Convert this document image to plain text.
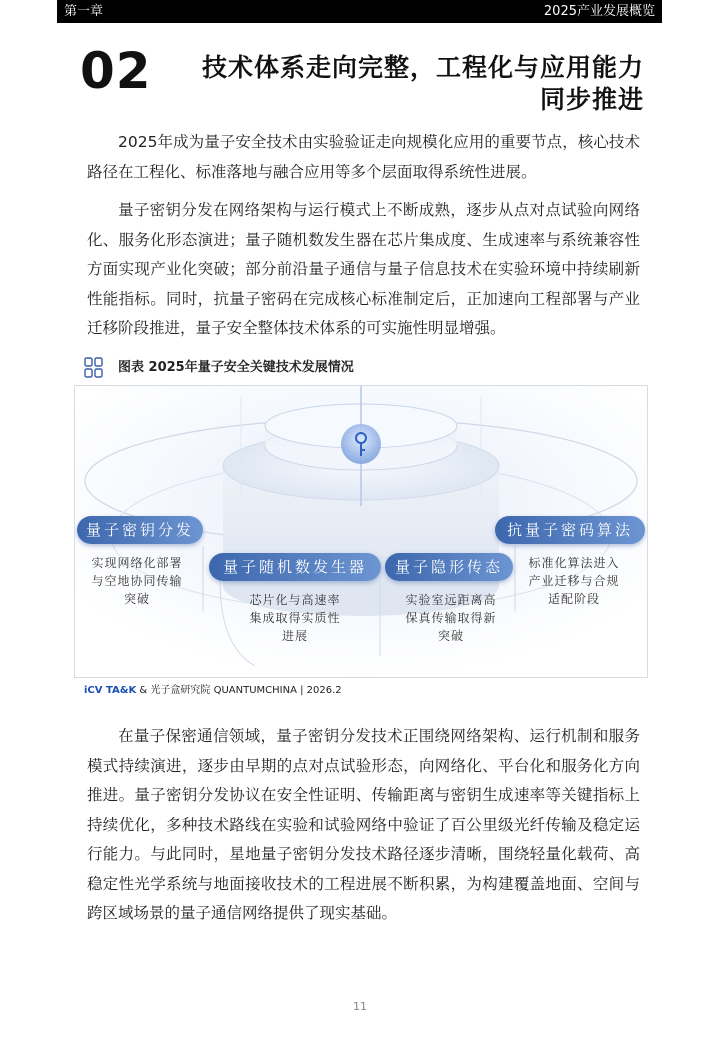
第一章	2025产业发展概览
02	技术体系走向完整，工程化与应用能力
同步推进

2025年成为量子安全技术由实验验证走向规模化应用的重要节点，核心技术路径在工程化、标准落地与融合应用等多个层面取得系统性进展。

量子密钥分发在网络架构与运行模式上不断成熟，逐步从点对点试验向网络化、服务化形态演进；量子随机数发生器在芯片集成度、生成速率与系统兼容性方面实现产业化突破；部分前沿量子通信与量子信息技术在实验环境中持续刷新性能指标。同时，抗量子密码在完成核心标准制定后，正加速向工程部署与产业迁移阶段推进，量子安全整体技术体系的可实施性明显增强。

图表 2025年量子安全关键技术发展情况
量子密钥分发
实现网络化部署
与空地协同传输
突破
量子随机数发生器
芯片化与高速率
集成取得实质性
进展
量子隐形传态
实验室远距离高
保真传输取得新
突破
抗量子密码算法
标准化算法进入
产业迁移与合规
适配阶段
iCV TA&K & 光子盒研究院 QUANTUMCHINA | 2026.2

在量子保密通信领域，量子密钥分发技术正围绕网络架构、运行机制和服务模式持续演进，逐步由早期的点对点试验形态，向网络化、平台化和服务化方向推进。量子密钥分发协议在安全性证明、传输距离与密钥生成速率等关键指标上持续优化，多种技术路线在实验和试验网络中验证了百公里级光纤传输及稳定运行能力。与此同时，星地量子密钥分发技术路径逐步清晰，围绕轻量化载荷、高稳定性光学系统与地面接收技术的工程进展不断积累，为构建覆盖地面、空间与跨区域场景的量子通信网络提供了现实基础。

11
